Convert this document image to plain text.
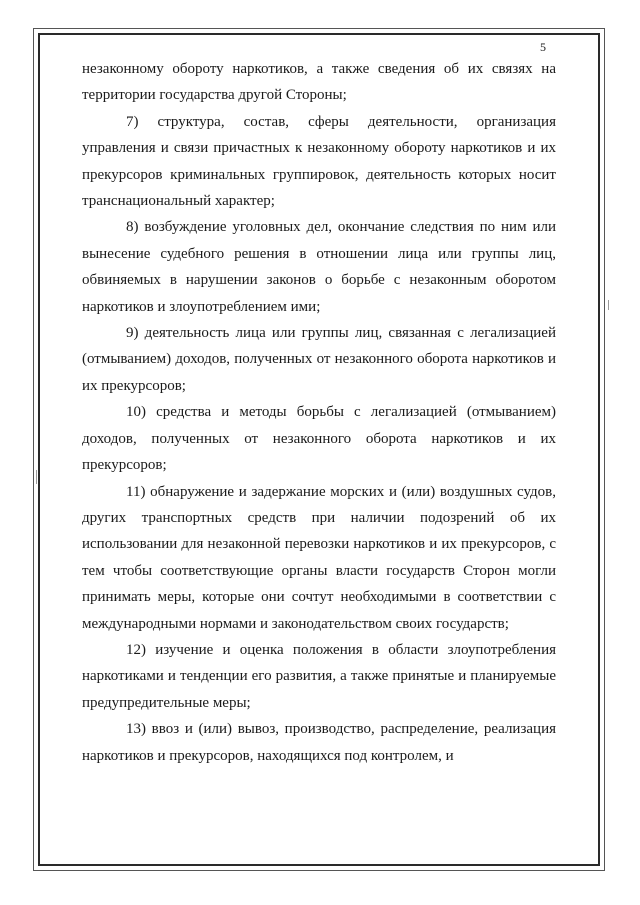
5

незаконному обороту наркотиков, а также сведения об их связях на территории государства другой Стороны;

7) структура, состав, сферы деятельности, организация управления и связи причастных к незаконному обороту наркотиков и их прекурсоров криминальных группировок, деятельность которых носит транснациональный характер;

8) возбуждение уголовных дел, окончание следствия по ним или вынесение судебного решения в отношении лица или группы лиц, обвиняемых в нарушении законов о борьбе с незаконным оборотом наркотиков и злоупотреблением ими;

9) деятельность лица или группы лиц, связанная с легализацией (отмыванием) доходов, полученных от незаконного оборота наркотиков и их прекурсоров;

10) средства и методы борьбы с легализацией (отмыванием) доходов, полученных от незаконного оборота наркотиков и их прекурсоров;

11) обнаружение и задержание морских и (или) воздушных судов, других транспортных средств при наличии подозрений об их использовании для незаконной перевозки наркотиков и их прекурсоров, с тем чтобы соответствующие органы власти государств Сторон могли принимать меры, которые они сочтут необходимыми в соответствии с международными нормами и законодательством своих государств;

12) изучение и оценка положения в области злоупотребления наркотиками и тенденции его развития, а также принятые и планируемые предупредительные меры;

13) ввоз и (или) вывоз, производство, распределение, реализация наркотиков и прекурсоров, находящихся под контролем, и
